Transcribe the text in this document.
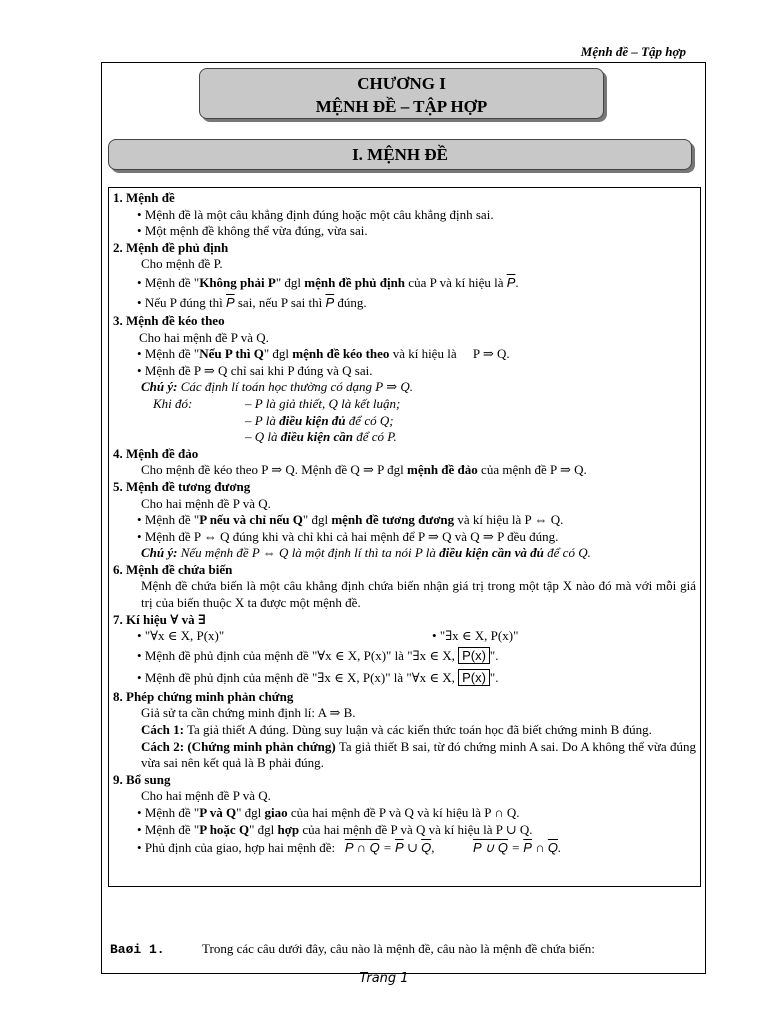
Mệnh đề – Tập hợp
CHƯƠNG I
MỆNH ĐỀ – TẬP HỢP
I. MỆNH ĐỀ
1. Mệnh đề
• Mệnh đề là một câu khẳng định đúng hoặc một câu khẳng định sai.
• Một mệnh đề không thể vừa đúng, vừa sai.
2. Mệnh đề phủ định
Cho mệnh đề P.
• Mệnh đề "Không phải P" đgl mệnh đề phủ định của P và kí hiệu là $\overline{P}$.
• Nếu P đúng thì $\overline{P}$ sai, nếu P sai thì $\overline{P}$ đúng.
3. Mệnh đề kéo theo
Cho hai mệnh đề P và Q.
• Mệnh đề "Nếu P thì Q" đgl mệnh đề kéo theo và kí hiệu là     P ⇒ Q.
• Mệnh đề P ⇒ Q chỉ sai khi P đúng và Q sai.
Chú ý: Các định lí toán học thường có dạng P ⇒ Q.
Khi đó:	– P là giả thiết, Q là kết luận;
– P là điều kiện đủ để có Q;
– Q là điều kiện cần để có P.
4. Mệnh đề đảo
Cho mệnh đề kéo theo P ⇒ Q. Mệnh đề Q ⇒ P đgl mệnh đề đảo của mệnh đề P ⇒ Q.
5. Mệnh đề tương đương
Cho hai mệnh đề P và Q.
• Mệnh đề "P nếu và chỉ nếu Q" đgl mệnh đề tương đương và kí hiệu là P ⇔ Q.
• Mệnh đề P ⇔ Q đúng khi và chỉ khi cả hai mệnh để P ⇒ Q và Q ⇒ P đều đúng.
Chú ý: Nếu mệnh đề P ⇔ Q là một định lí thì ta nói P là điều kiện cần và đủ để có Q.
6. Mệnh đề chứa biến
Mệnh đề chứa biến là một câu khẳng định chứa biến nhận giá trị trong một tập X nào đó mà với mỗi giá trị của biến thuộc X ta được một mệnh đề.
7. Kí hiệu ∀ và ∃
• "∀x ∈ X, P(x)"	• "∃x ∈ X, P(x)"
• Mệnh đề phủ định của mệnh đề "∀x ∈ X, P(x)" là "∃x ∈ X, P(x) ".
• Mệnh đề phủ định của mệnh đề "∃x ∈ X, P(x)" là "∀x ∈ X, P(x) ".
8. Phép chứng minh phản chứng
Giả sử ta cần chứng minh định lí: A ⇒ B.
Cách 1: Ta giả thiết A đúng. Dùng suy luận và các kiến thức toán học đã biết chứng minh B đúng.
Cách 2: (Chứng minh phản chứng) Ta giả thiết B sai, từ đó chứng minh A sai. Do A không thể vừa đúng vừa sai nên kết quả là B phải đúng.
9. Bổ sung
Cho hai mệnh đề P và Q.
• Mệnh đề "P và Q" đgl giao của hai mệnh đề P và Q và kí hiệu là P ∩ Q.
• Mệnh đề "P hoặc Q" đgl hợp của hai mệnh đề P và Q và kí hiệu là P ∪ Q.
• Phủ định của giao, hợp hai mệnh đề: P ∩ $Q = \overline{P}$ ∪ $\overline{Q}$,	P ∪ $Q = \overline{P}$ ∩ $\overline{Q}$.
Baøi 1.	Trong các câu dưới đây, câu nào là mệnh đề, câu nào là mệnh đề chứa biến:
Trang 1
